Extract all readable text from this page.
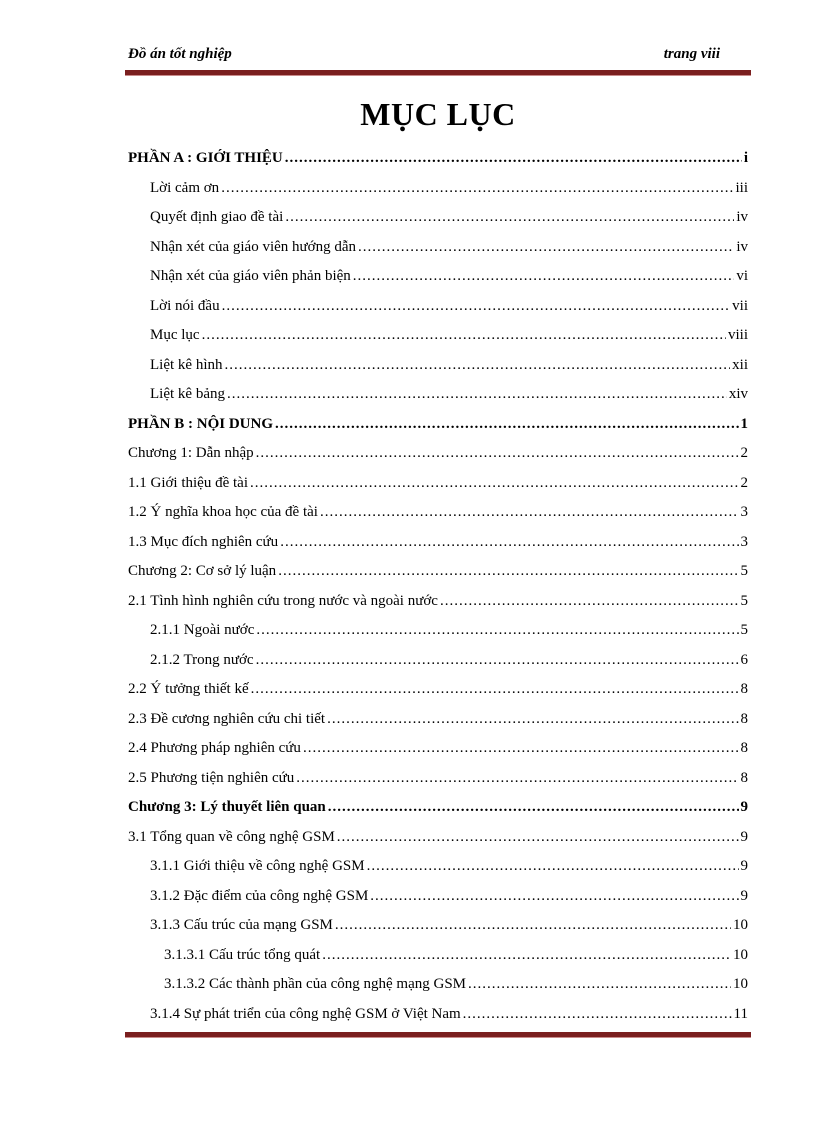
Đồ án tốt nghiệp	trang viii
MỤC LỤC
PHẦN A : GIỚI THIỆU .....	i
Lời cảm ơn .....	iii
Quyết định giao đề tài .....	iv
Nhận xét của giáo viên hướng dẫn .....	iv
Nhận xét của giáo viên phản biện .....	vi
Lời nói đầu .....	vii
Mục lục .....	viii
Liệt kê hình .....	xii
Liệt kê bảng .....	xiv
PHẦN B : NỘI DUNG .....	1
Chương 1: Dẫn nhập .....	2
1.1 Giới thiệu đề tài .....	2
1.2 Ý nghĩa khoa học của đề tài .....	3
1.3 Mục đích nghiên cứu .....	3
Chương 2: Cơ sở lý luận .....	5
2.1 Tình hình nghiên cứu trong nước và ngoài nước .....	5
2.1.1 Ngoài nước .....	5
2.1.2 Trong nước .....	6
2.2 Ý tưởng thiết kế .....	8
2.3 Đề cương nghiên cứu chi tiết .....	8
2.4 Phương pháp nghiên cứu .....	8
2.5 Phương tiện nghiên cứu .....	8
Chương 3: Lý thuyết liên quan .....	9
3.1 Tổng quan về công nghệ GSM .....	9
3.1.1 Giới thiệu về công nghệ GSM .....	9
3.1.2 Đặc điểm của công nghệ GSM .....	9
3.1.3 Cấu trúc của mạng GSM .....	10
3.1.3.1 Cấu trúc tổng quát .....	10
3.1.3.2 Các thành phần của công nghệ mạng GSM .....	10
3.1.4 Sự phát triển của công nghệ GSM ở Việt Nam .....	11
